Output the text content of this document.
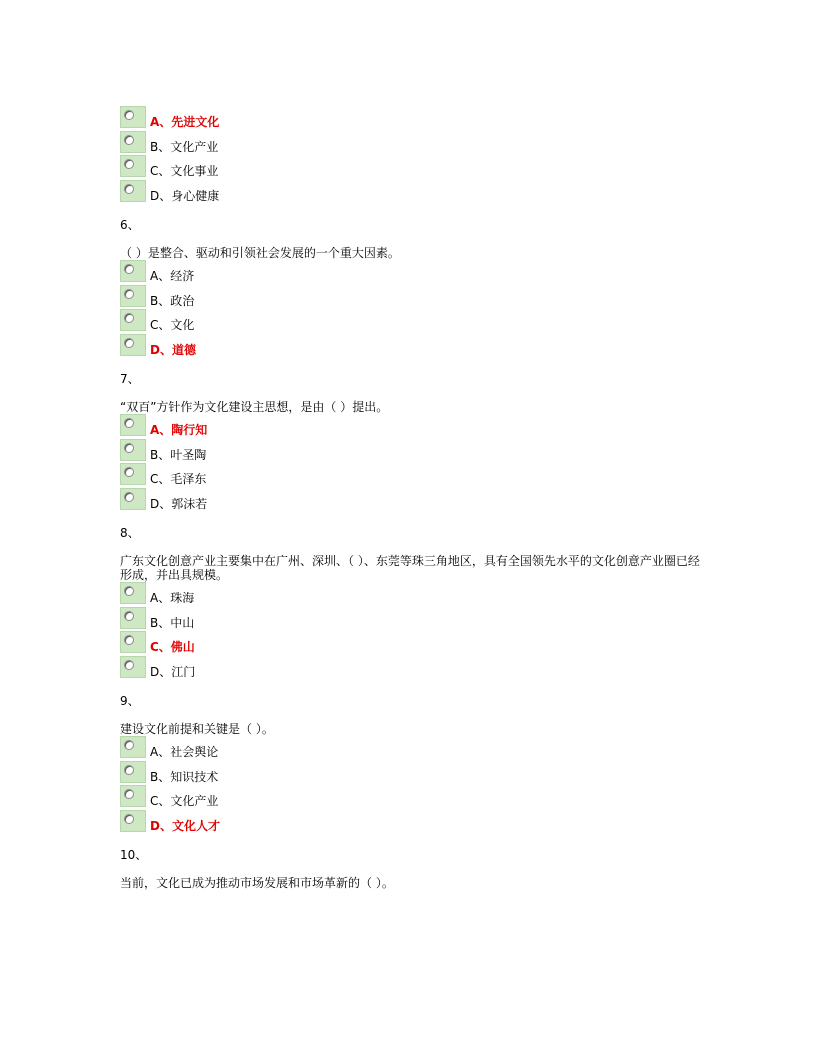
A、先进文化
B、文化产业
C、文化事业
D、身心健康
6、
（ ）是整合、驱动和引领社会发展的一个重大因素。
A、经济
B、政治
C、文化
D、道德
7、
“双百”方针作为文化建设主思想，是由（ ）提出。
A、陶行知
B、叶圣陶
C、毛泽东
D、郭沫若
8、
广东文化创意产业主要集中在广州、深圳、（ ）、东莞等珠三角地区，具有全国领先水平的文化创意产业圈已经形成，并出具规模。
A、珠海
B、中山
C、佛山
D、江门
9、
建设文化前提和关键是（ ）。
A、社会舆论
B、知识技术
C、文化产业
D、文化人才
10、
当前，文化已成为推动市场发展和市场革新的（ ）。
